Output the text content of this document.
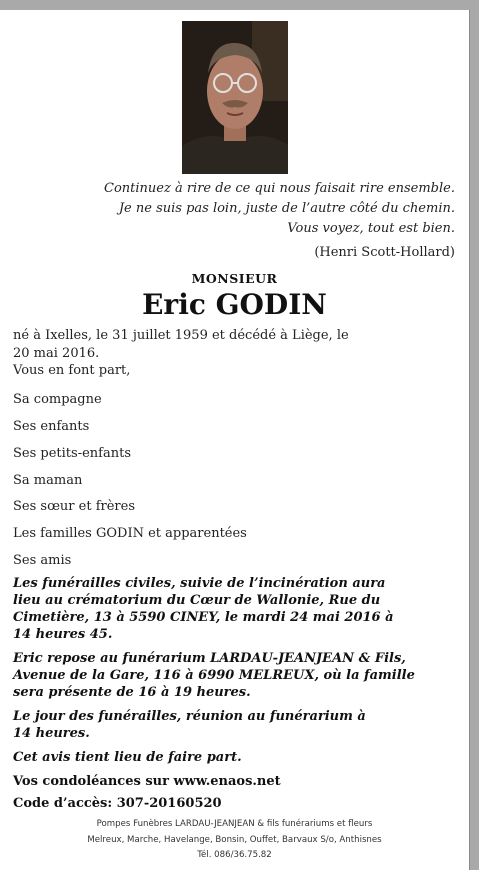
Continuez à rire de ce qui nous faisait rire ensemble.
Je ne suis pas loin, juste de l’autre côté du chemin.
Vous voyez, tout est bien.
(Henri Scott-Hollard)
MONSIEUR
Eric GODIN
né à Ixelles, le 31 juillet 1959 et décédé à Liège, le
20 mai 2016.
Vous en font part,
Sa compagne
Ses enfants
Ses petits-enfants
Sa maman
Ses sœur et frères
Les familles GODIN et apparentées
Ses amis
Les funérailles civiles, suivie de l’incinération aura
lieu au crématorium du Cœur de Wallonie, Rue du
Cimetière, 13 à 5590 CINEY, le mardi 24 mai 2016 à
14 heures 45.
Eric repose au funérarium LARDAU-JEANJEAN & Fils,
Avenue de la Gare, 116 à 6990 MELREUX, où la famille
sera présente de 16 à 19 heures.
Le jour des funérailles, réunion au funérarium à
14 heures.
Cet avis tient lieu de faire part.
Vos condoléances sur www.enaos.net
Code d’accès: 307-20160520
Pompes Funèbres LARDAU-JEANJEAN & fils funérariums et fleurs
Melreux, Marche, Havelange, Bonsin, Ouffet, Barvaux S/o, Anthisnes
Tél. 086/36.75.82
